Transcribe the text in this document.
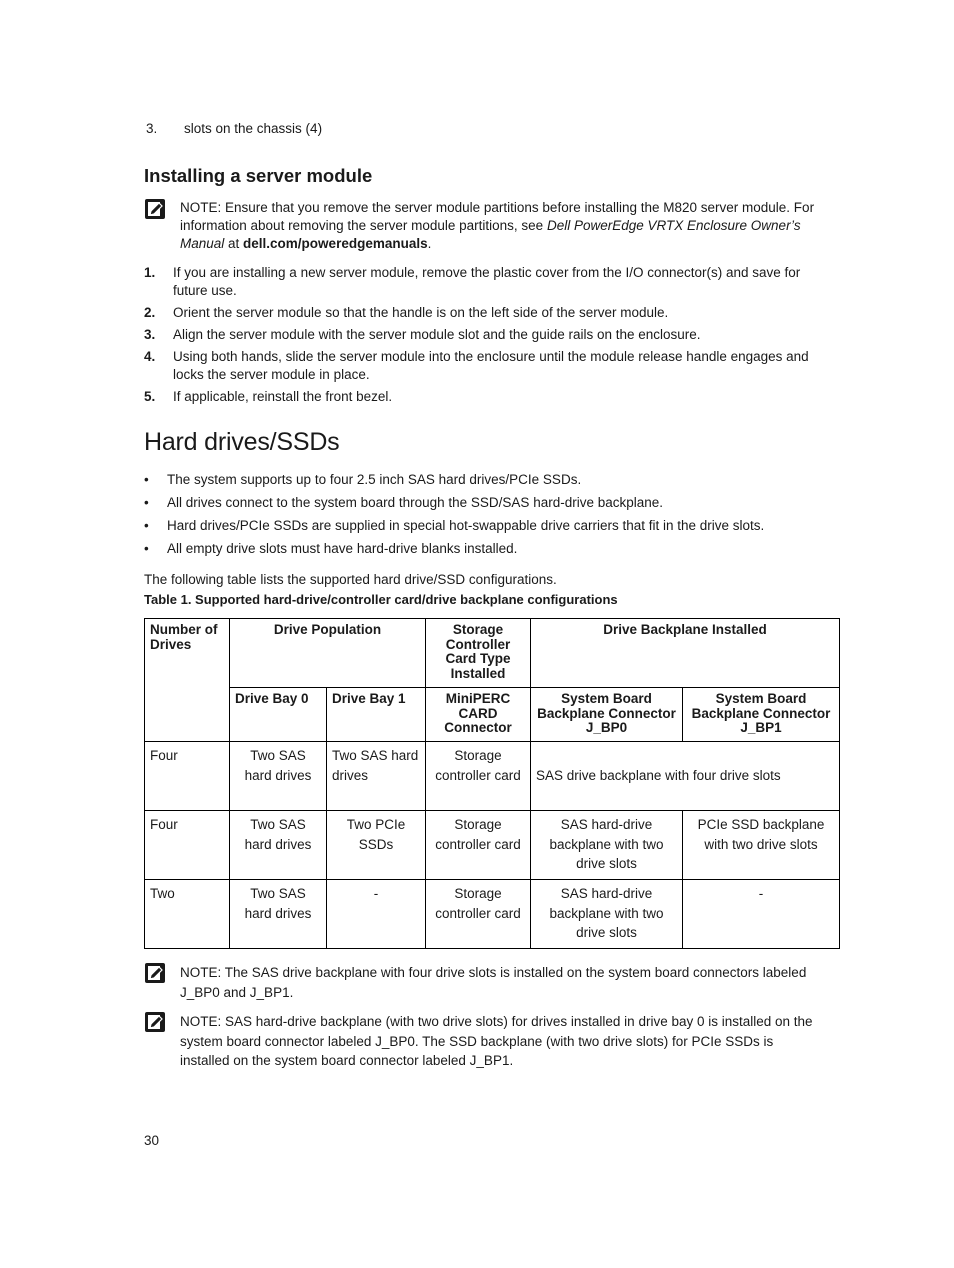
3. slots on the chassis (4)
Installing a server module
NOTE: Ensure that you remove the server module partitions before installing the M820 server module. For information about removing the server module partitions, see Dell PowerEdge VRTX Enclosure Owner’s Manual at dell.com/poweredgemanuals.
1. If you are installing a new server module, remove the plastic cover from the I/O connector(s) and save for future use.
2. Orient the server module so that the handle is on the left side of the server module.
3. Align the server module with the server module slot and the guide rails on the enclosure.
4. Using both hands, slide the server module into the enclosure until the module release handle engages and locks the server module in place.
5. If applicable, reinstall the front bezel.
Hard drives/SSDs
• The system supports up to four 2.5 inch SAS hard drives/PCIe SSDs.
• All drives connect to the system board through the SSD/SAS hard-drive backplane.
• Hard drives/PCIe SSDs are supplied in special hot-swappable drive carriers that fit in the drive slots.
• All empty drive slots must have hard-drive blanks installed.
The following table lists the supported hard drive/SSD configurations.
Table 1. Supported hard-drive/controller card/drive backplane configurations
Number of Drives	Drive Population		Storage Controller Card Type Installed	Drive Backplane Installed	
	Drive Bay 0	Drive Bay 1	MiniPERC CARD Connector	System Board Backplane Connector J_BP0	System Board Backplane Connector J_BP1
Four	Two SAS hard drives	Two SAS hard drives	Storage controller card	SAS drive backplane with four drive slots	
Four	Two SAS hard drives	Two PCIe SSDs	Storage controller card	SAS hard-drive backplane with two drive slots	PCIe SSD backplane with two drive slots
Two	Two SAS hard drives	-	Storage controller card	SAS hard-drive backplane with two drive slots	-
NOTE: The SAS drive backplane with four drive slots is installed on the system board connectors labeled J_BP0 and J_BP1.
NOTE: SAS hard-drive backplane (with two drive slots) for drives installed in drive bay 0 is installed on the system board connector labeled J_BP0. The SSD backplane (with two drive slots) for PCIe SSDs is installed on the system board connector labeled J_BP1.
30
